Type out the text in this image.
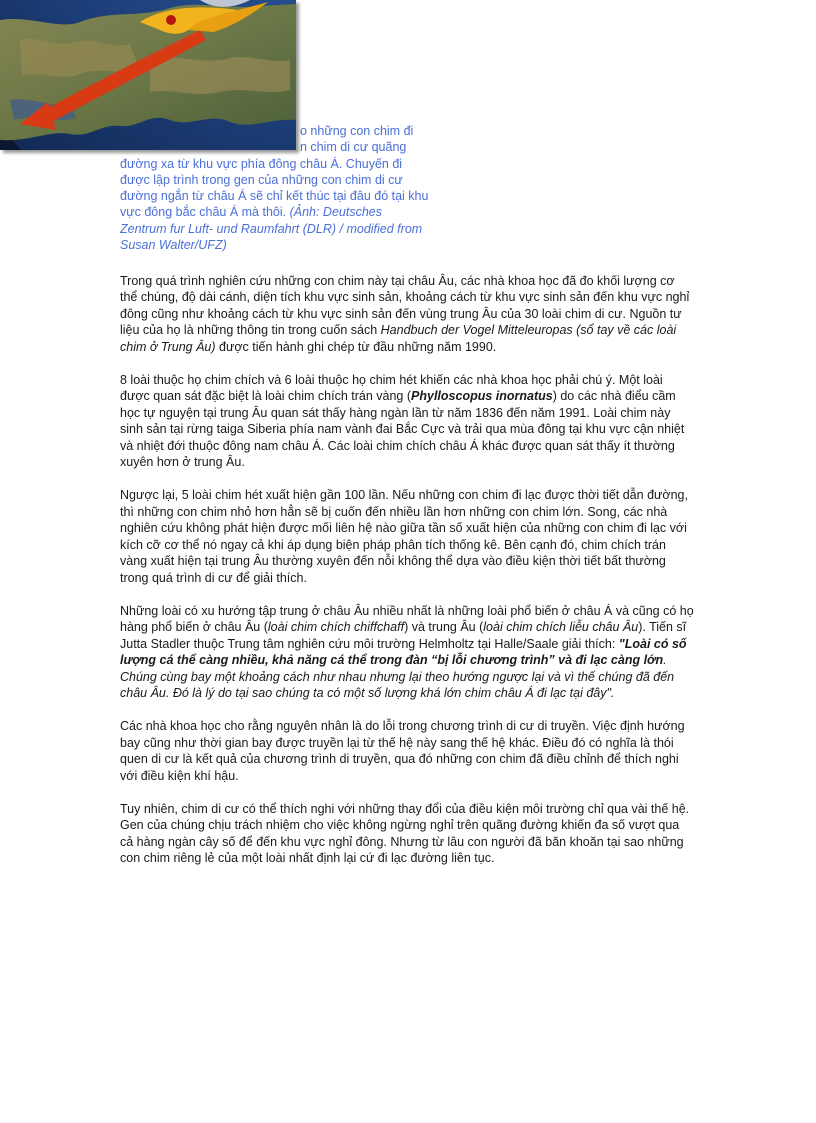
o những con chim đi
n chim di cư quãng
đường xa từ khu vực phía đông châu Á. Chuyến đi được lập trình trong gen của những con chim di cư đường ngắn từ châu Á sẽ chỉ kết thúc tại đâu đó tại khu vực đông bắc châu Á mà thôi. (Ảnh: Deutsches Zentrum fur Luft- und Raumfahrt (DLR) / modified from Susan Walter/UFZ)

Trong quá trình nghiên cứu những con chim này tại châu Âu, các nhà khoa học đã đo khối lượng cơ thể chúng, độ dài cánh, diện tích khu vực sinh sản, khoảng cách từ khu vực sinh sản đến khu vực nghỉ đông cũng như khoảng cách từ khu vực sinh sản đến vùng trung Âu của 30 loài chim di cư. Nguồn tư liệu của họ là những thông tin trong cuốn sách Handbuch der Vogel Mitteleuropas (sổ tay về các loài chim ở Trung Âu) được tiến hành ghi chép từ đầu những năm 1990.

8 loài thuộc họ chim chích và 6 loài thuộc họ chim hét khiến các nhà khoa học phải chú ý. Một loài được quan sát đặc biệt là loài chim chích trán vàng (Phylloscopus inornatus) do các nhà điểu cầm học tự nguyện tại trung Âu quan sát thấy hàng ngàn lần từ năm 1836 đến năm 1991. Loài chim này sinh sản tại rừng taiga Siberia phía nam vành đai Bắc Cực và trải qua mùa đông tại khu vực cận nhiệt và nhiệt đới thuộc đông nam châu Á. Các loài chim chích châu Á khác được quan sát thấy ít thường xuyên hơn ở trung Âu.

Ngược lại, 5 loài chim hét xuất hiện gần 100 lần. Nếu những con chim đi lạc được thời tiết dẫn đường, thì những con chim nhỏ hơn hẳn sẽ bị cuốn đến nhiều lần hơn những con chim lớn. Song, các nhà nghiên cứu không phát hiện được mối liên hệ nào giữa tần số xuất hiện của những con chim đi lạc với kích cỡ cơ thể nó ngay cả khi áp dụng biện pháp phân tích thống kê. Bên cạnh đó, chim chích trán vàng xuất hiện tại trung Âu thường xuyên đến nỗi không thể dựa vào điều kiện thời tiết bất thường trong quá trình di cư để giải thích.

Những loài có xu hướng tập trung ở châu Âu nhiều nhất là những loài phổ biến ở châu Á và cũng có họ hàng phổ biến ở châu Âu (loài chim chích chiffchaff) và trung Âu (loài chim chích liễu châu Âu). Tiến sĩ Jutta Stadler thuộc Trung tâm nghiên cứu môi trường Helmholtz tại Halle/Saale giải thích: "Loài có số lượng cá thể càng nhiều, khả năng cá thể trong đàn “bị lỗi chương trình” và đi lạc càng lớn. Chúng cùng bay một khoảng cách như nhau nhưng lại theo hướng ngược lại và vì thế chúng đã đến châu Âu. Đó là lý do tại sao chúng ta có một số lượng khá lớn chim châu Á đi lạc tại đây".

Các nhà khoa học cho rằng nguyên nhân là do lỗi trong chương trình di cư di truyền. Việc định hướng bay cũng như thời gian bay được truyền lại từ thế hệ này sang thế hệ khác. Điều đó có nghĩa là thói quen di cư là kết quả của chương trình di truyền, qua đó những con chim đã điều chỉnh để thích nghi với điều kiện khí hậu.

Tuy nhiên, chim di cư có thể thích nghi với những thay đổi của điều kiện môi trường chỉ qua vài thế hệ. Gen của chúng chịu trách nhiệm cho việc không ngừng nghỉ trên quãng đường khiến đa số vượt qua cả hàng ngàn cây số để đến khu vực nghỉ đông. Nhưng từ lâu con người đã băn khoăn tại sao những con chim riêng lẻ của một loài nhất định lại cứ đi lạc đường liên tục.
